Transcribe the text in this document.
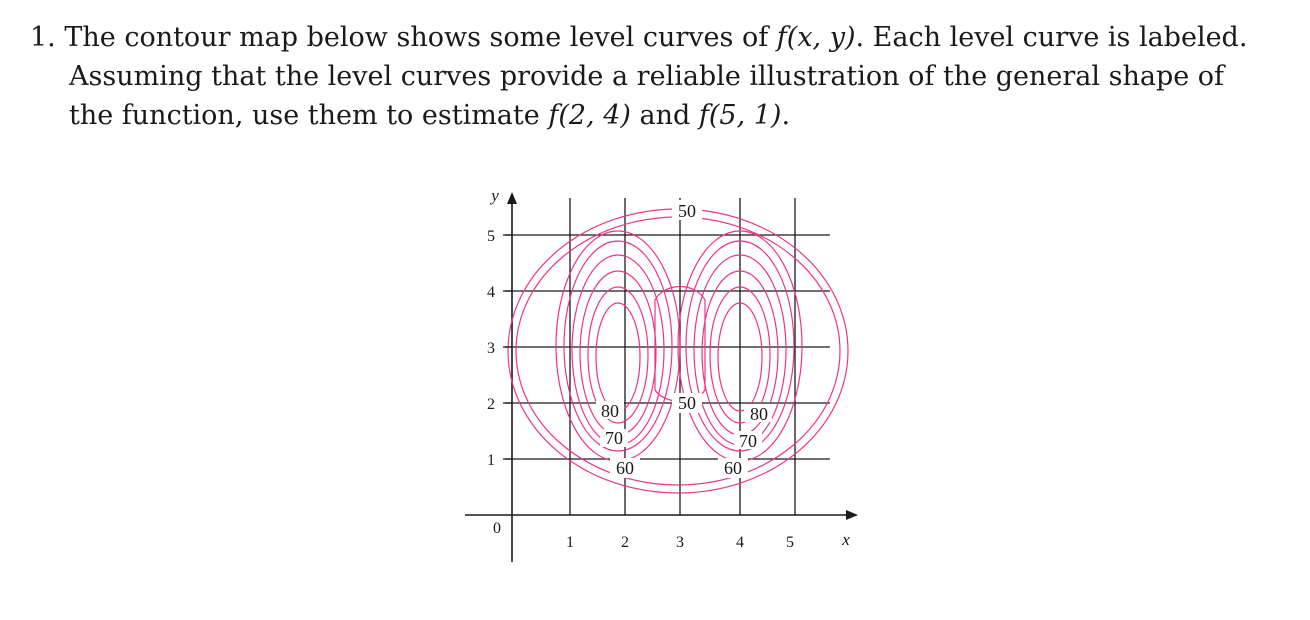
1. The contour map below shows some level curves of f(x, y). Each level curve is labeled.
Assuming that the level curves provide a reliable illustration of the general shape of
the function, use them to estimate f(2, 4) and f(5, 1).
50
50
80
70
60
80
70
60
5
4
3
2
1
1	2	3	4	5
0
x
y
